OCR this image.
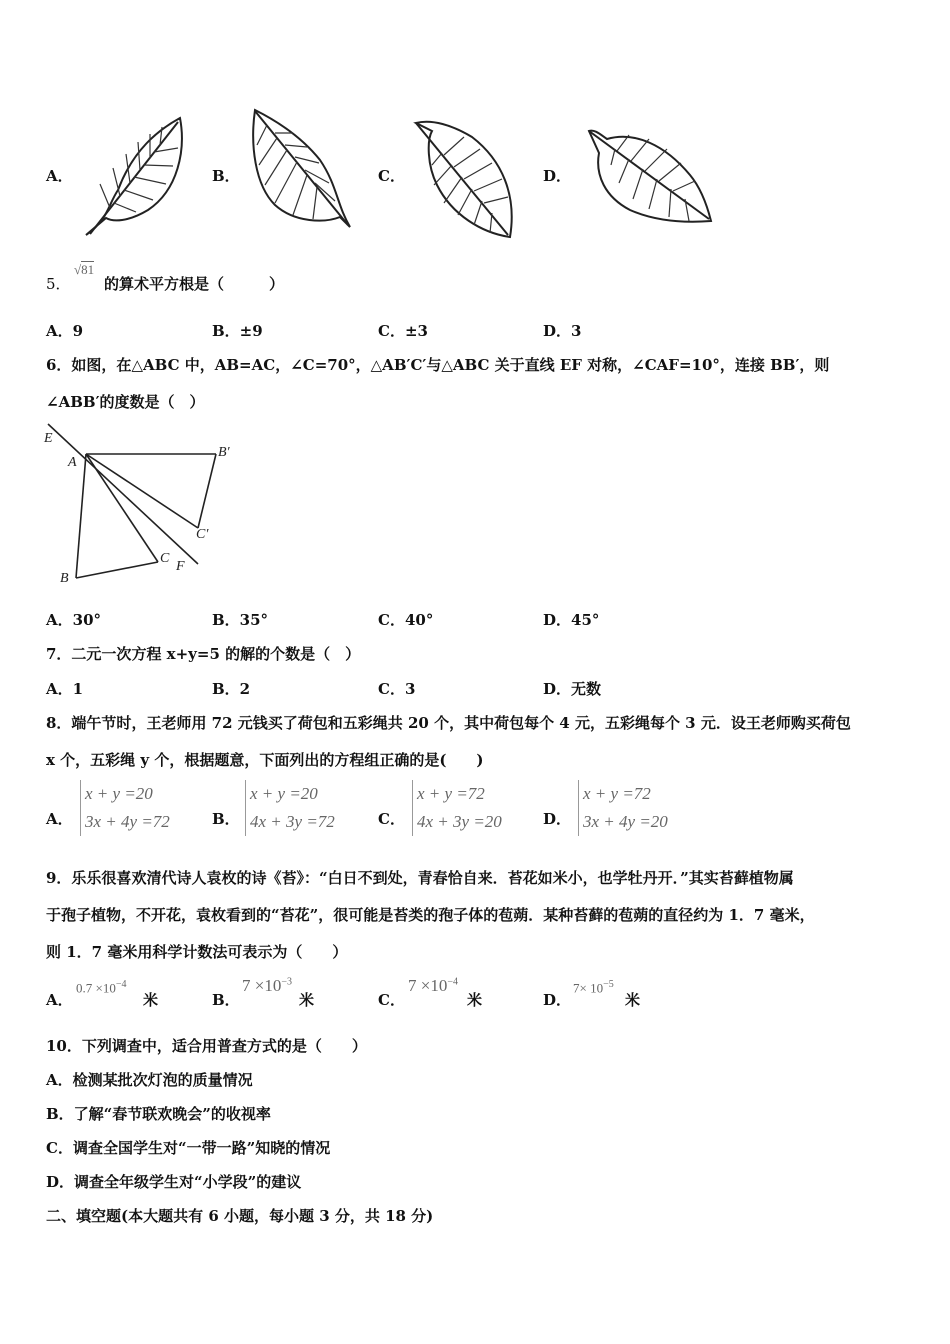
A．	B．	C．	D．
5．
√81
的算术平方根是（　　　）
A．9	B．±9	C．±3	D．3
6．如图，在△ABC 中，AB=AC，∠C=70°，△AB′C′与△ABC 关于直线 EF 对称，∠CAF=10°，连接 BB′，则
∠ABB′的度数是（　）
E
A
B′
C′
B
C
F
A．30°	B．35°	C．40°	D．45°
7．二元一次方程 x+y=5 的解的个数是（　）
A．1	B．2	C．3	D．无数
8．端午节时，王老师用 72 元钱买了荷包和五彩绳共 20 个，其中荷包每个 4 元，五彩绳每个 3 元．设王老师购买荷包
x 个，五彩绳 y 个，根据题意，下面列出的方程组正确的是(　　)
A．
x + y =20
3x + 4y =72	B．
x + y =20
4x + 3y =72	C．
x + y =72
4x + 3y =20	D．
x + y =72
3x + 4y =20
9．乐乐很喜欢清代诗人袁枚的诗《苔》：“白日不到处，青春恰自来．苔花如米小，也学牡丹开．”其实苔藓植物属
于孢子植物，不开花，袁枚看到的“苔花”，很可能是苔类的孢子体的苞蒴．某种苔藓的苞蒴的直径约为 1．7 毫米，
则 1．7 毫米用科学计数法可表示为（　　）
A．
$0.7 \times 10^{-4}$
米	B．
$7 \times 10^{-3}$
米	C．
$7 \times 10^{-4}$
米	D．
$7\times 10^{-5}$
米
10．下列调查中，适合用普查方式的是（　　）
A．检测某批次灯泡的质量情况
B．了解“春节联欢晚会”的收视率
C．调查全国学生对“一带一路”知晓的情况
D．调查全年级学生对“小学段”的建议
二、填空题(本大题共有 6 小题，每小题 3 分，共 18 分)
